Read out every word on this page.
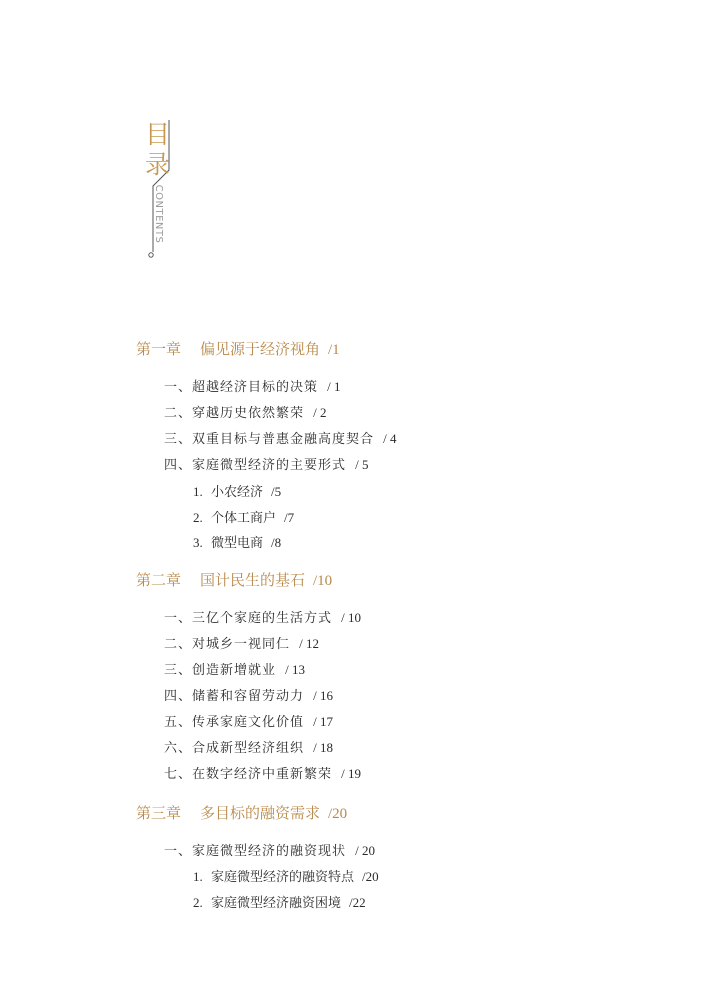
目
录
CONTENTS
第一章 偏见源于经济视角 /1
一、超越经济目标的决策 / 1
二、穿越历史依然繁荣 / 2
三、双重目标与普惠金融高度契合 / 4
四、家庭微型经济的主要形式 / 5
1. 小农经济 /5
2. 个体工商户 /7
3. 微型电商 /8
第二章 国计民生的基石 /10
一、三亿个家庭的生活方式 / 10
二、对城乡一视同仁 / 12
三、创造新增就业 / 13
四、储蓄和容留劳动力 / 16
五、传承家庭文化价值 / 17
六、合成新型经济组织 / 18
七、在数字经济中重新繁荣 / 19
第三章 多目标的融资需求 /20
一、家庭微型经济的融资现状 / 20
1. 家庭微型经济的融资特点 /20
2. 家庭微型经济融资困境 /22
